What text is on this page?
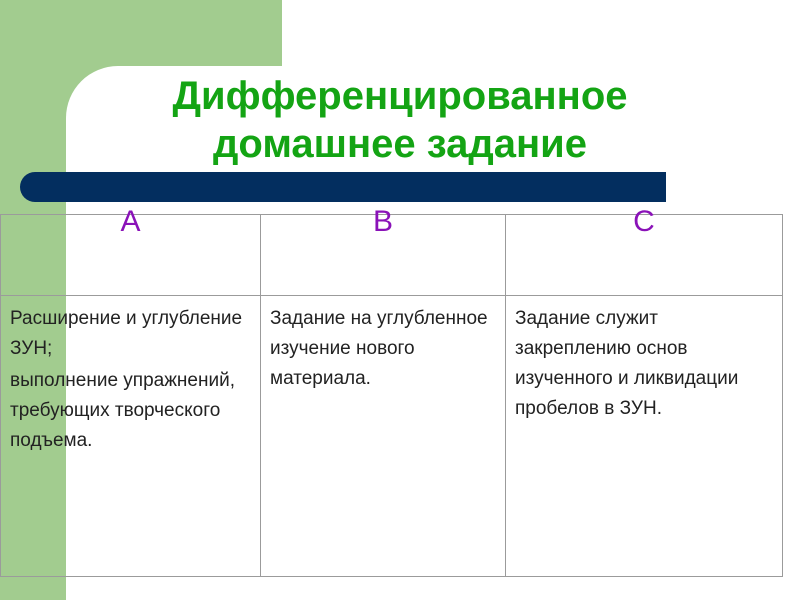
Дифференцированное
домашнее задание
А	В	С

Расширение и углубление ЗУН;

выполнение упражнений, требующих творческого подъема.	Задание на углубленное изучение нового материала.	Задание служит закреплению основ изученного и ликвидации пробелов в ЗУН.
